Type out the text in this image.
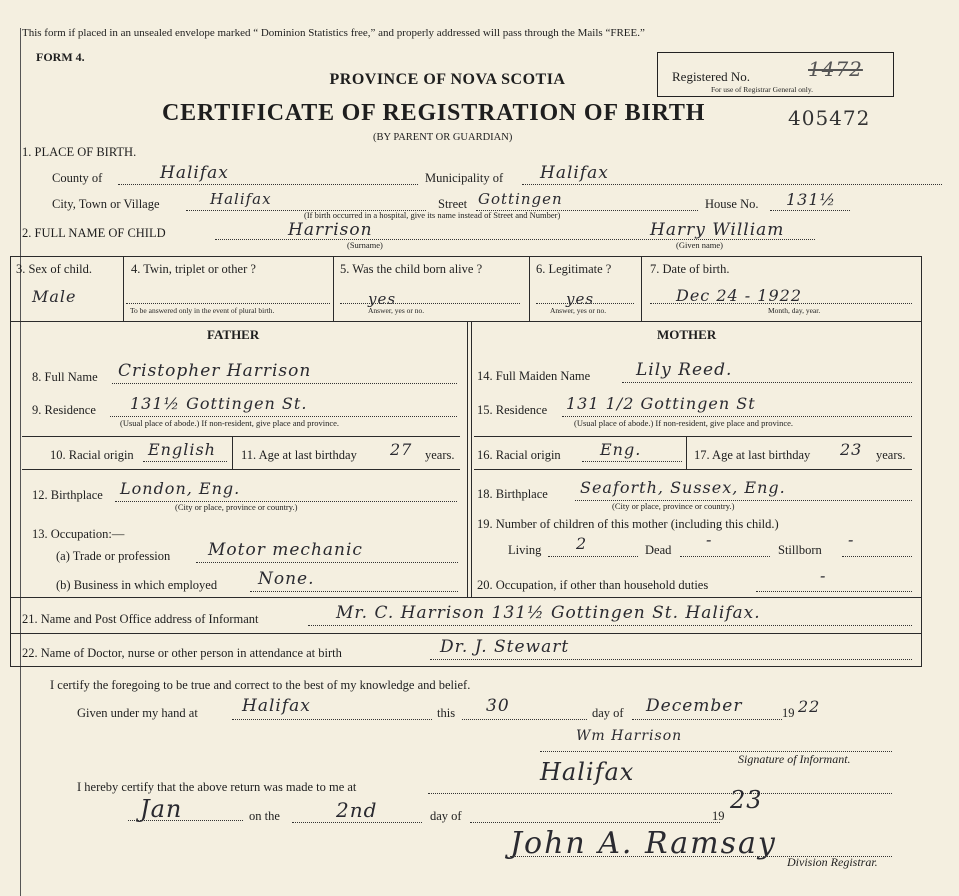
This form if placed in an unsealed envelope marked “ Dominion Statistics free,” and properly addressed will pass through the Mails “FREE.”
FORM 4.
Registered No.	1472
For use of Registrar General only.
PROVINCE OF NOVA SCOTIA
CERTIFICATE OF REGISTRATION OF BIRTH	405472
(BY PARENT OR GUARDIAN)
1. PLACE OF BIRTH.
County of	Halifax	Municipality of Halifax
City, Town or Village	Halifax	Street Gottingen	House No. 131½
(If birth occurred in a hospital, give its name instead of Street and Number)
2. FULL NAME OF CHILD	Harrison
(Surname)
Harry William
(Given name)
3. Sex of child.
Male
4. Twin, triplet or other ?
To be answered only in the event of plural birth.
5. Was the child born alive ?
yes
Answer, yes or no.
6. Legitimate ?
yes
Answer, yes or no.
7. Date of birth.
Dec 24 - 1922
Month, day, year.
FATHER	MOTHER
8. Full Name Cristopher Harrison
9. Residence 131½ Gottingen St.
(Usual place of abode.) If non-resident, give place and province.
10. Racial origin English 11. Age at last birthday 27 years.
12. Birthplace London, Eng.
(City or place, province or country.)
13. Occupation:—
(a) Trade or profession Motor mechanic
(b) Business in which employed None.
14. Full Maiden Name	Lily Reed.
15. Residence 131 1/2 Gottingen St
(Usual place of abode.) If non-resident, give place and province.
16. Racial origin Eng.	17. Age at last birthday 23 years.
18. Birthplace Seaforth, Sussex, Eng.
(City or place, province or country.)
19. Number of children of this mother (including this child.)
Living 2	Dead
-
Stillborn
-
20. Occupation, if other than household duties	-
21. Name and Post Office address of Informant	Mr. C. Harrison 131½ Gottingen St. Halifax.
22. Name of Doctor, nurse or other person in attendance at birth	Dr. J. Stewart
I certify the foregoing to be true and correct to the best of my knowledge and belief.
Given under my hand at	Halifax	this 30	day of December	19 22
Wm Harrison
Signature of Informant.
I hereby certify that the above return was made to me at
Halifax
Jan	on the	2nd	day of	19
23
John A. Ramsay
Division Registrar.
